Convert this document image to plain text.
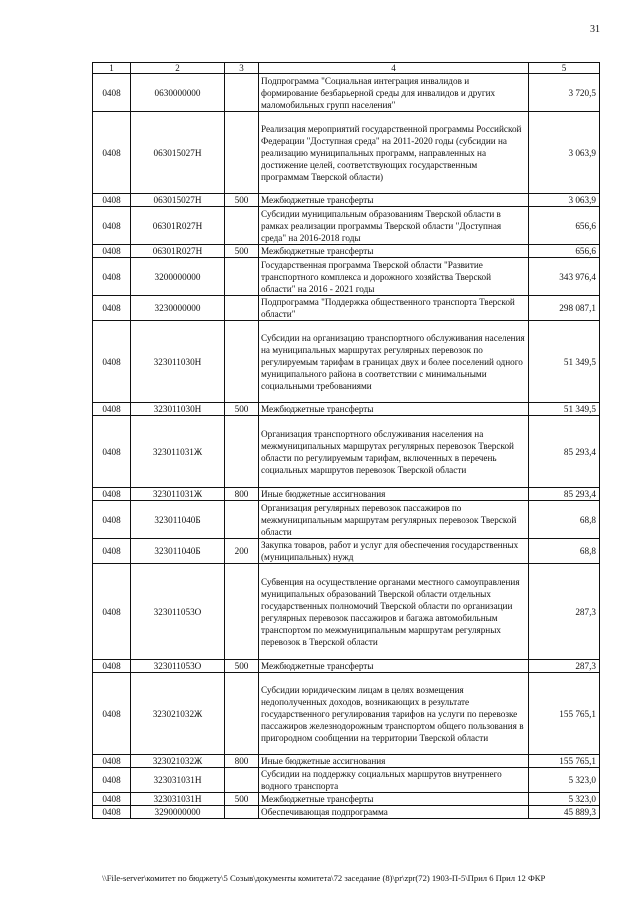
31
1	2	3	4	5
0408	0630000000		Подпрограмма "Социальная интеграция инвалидов и формирование безбарьерной среды для инвалидов и других маломобильных групп населения"	3 720,5
0408	063015027Н		Реализация мероприятий государственной программы Российской Федерации "Доступная среда" на 2011-2020 годы (субсидии на реализацию муниципальных программ, направленных на достижение целей, соответствующих государственным программам Тверской области)	3 063,9
0408	063015027Н	500	Межбюджетные трансферты	3 063,9
0408	06301R027Н		Субсидии муниципальным образованиям Тверской области в рамках реализации программы Тверской области "Доступная среда" на 2016-2018 годы	656,6
0408	06301R027Н	500	Межбюджетные трансферты	656,6
0408	3200000000		Государственная программа Тверской области "Развитие транспортного комплекса и дорожного хозяйства Тверской области" на 2016 - 2021 годы	343 976,4
0408	3230000000		Подпрограмма "Поддержка общественного транспорта Тверской области"	298 087,1
0408	323011030Н		Субсидии на организацию транспортного обслуживания населения на муниципальных маршрутах регулярных перевозок по регулируемым тарифам в границах двух и более поселений одного муниципального района в соответствии с минимальными социальными требованиями	51 349,5
0408	323011030Н	500	Межбюджетные трансферты	51 349,5
0408	323011031Ж		Организация транспортного обслуживания населения на межмуниципальных маршрутах регулярных перевозок Тверской области по регулируемым тарифам, включенных в перечень социальных маршрутов перевозок Тверской области	85 293,4
0408	323011031Ж	800	Иные бюджетные ассигнования	85 293,4
0408	323011040Б		Организация регулярных перевозок пассажиров по межмуниципальным маршрутам регулярных перевозок Тверской области	68,8
0408	323011040Б	200	Закупка товаров, работ и услуг для обеспечения государственных (муниципальных) нужд	68,8
0408	323011053О		Субвенция на осуществление органами местного самоуправления муниципальных образований Тверской области отдельных государственных полномочий Тверской области по организации регулярных перевозок пассажиров и багажа автомобильным транспортом по межмуниципальным маршрутам регулярных перевозок в Тверской области	287,3
0408	323011053О	500	Межбюджетные трансферты	287,3
0408	323021032Ж		Субсидии юридическим лицам в целях возмещения недополученных доходов, возникающих в результате государственного регулирования тарифов на услуги по перевозке пассажиров железнодорожным транспортом общего пользования в пригородном сообщении на территории Тверской области	155 765,1
0408	323021032Ж	800	Иные бюджетные ассигнования	155 765,1
0408	323031031Н		Субсидии на поддержку социальных маршрутов внутреннего водного транспорта	5 323,0
0408	323031031Н	500	Межбюджетные трансферты	5 323,0
0408	3290000000		Обеспечивающая подпрограмма	45 889,3
\\File-server\комитет по бюджету\5 Созыв\документы комитета\72 заседание (8)\pr\zpr(72) 1903-П-5\Прил 6 Прил 12 ФКР
